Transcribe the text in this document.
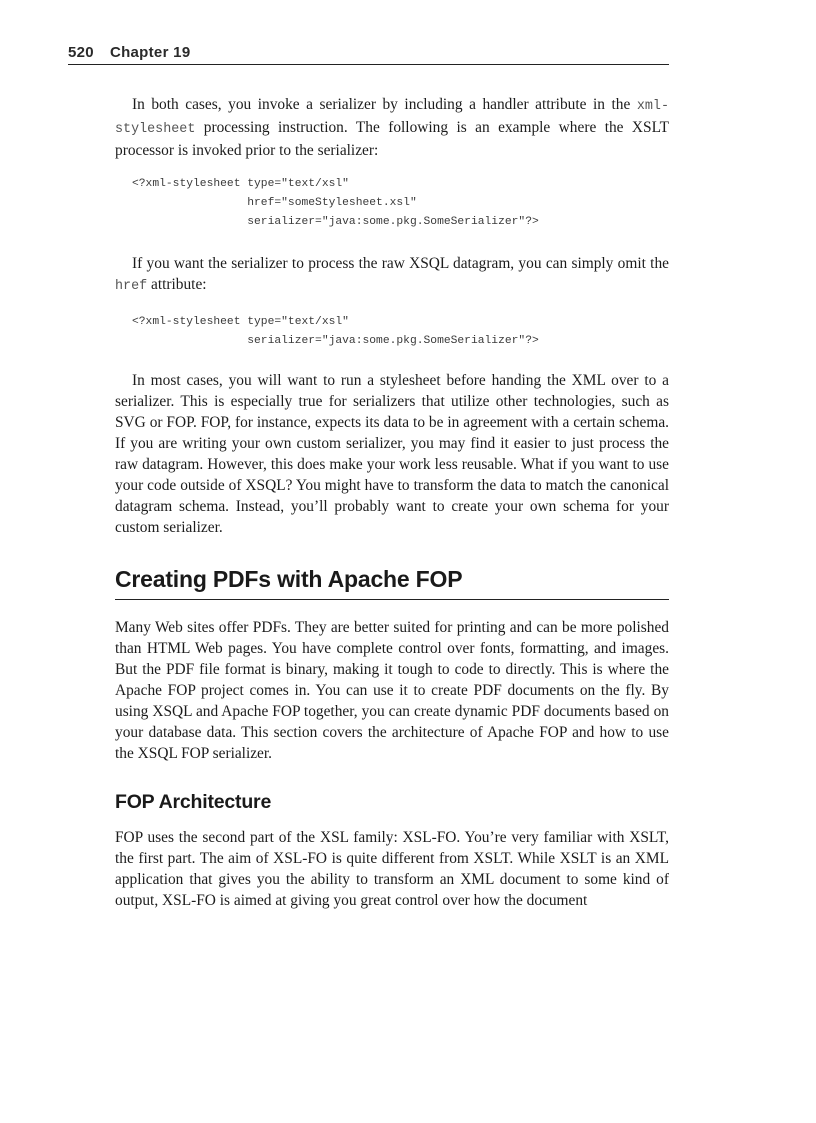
520 Chapter 19

In both cases, you invoke a serializer by including a handler attribute in the xml-stylesheet processing instruction. The following is an example where the XSLT processor is invoked prior to the serializer:

<?xml-stylesheet type="text/xsl"
href="someStylesheet.xsl"
serializer="java:some.pkg.SomeSerializer"?>

If you want the serializer to process the raw XSQL datagram, you can simply omit the href attribute:

<?xml-stylesheet type="text/xsl"
serializer="java:some.pkg.SomeSerializer"?>

In most cases, you will want to run a stylesheet before handing the XML over to a serializer. This is especially true for serializers that utilize other technologies, such as SVG or FOP. FOP, for instance, expects its data to be in agreement with a certain schema. If you are writing your own custom serializer, you may find it easier to just process the raw datagram. However, this does make your work less reusable. What if you want to use your code outside of XSQL? You might have to transform the data to match the canonical datagram schema. Instead, you’ll probably want to create your own schema for your custom serializer.

Creating PDFs with Apache FOP

Many Web sites offer PDFs. They are better suited for printing and can be more polished than HTML Web pages. You have complete control over fonts, formatting, and images. But the PDF file format is binary, making it tough to code to directly. This is where the Apache FOP project comes in. You can use it to create PDF documents on the fly. By using XSQL and Apache FOP together, you can create dynamic PDF documents based on your database data. This section covers the architecture of Apache FOP and how to use the XSQL FOP serializer.

FOP Architecture

FOP uses the second part of the XSL family: XSL-FO. You’re very familiar with XSLT, the first part. The aim of XSL-FO is quite different from XSLT. While XSLT is an XML application that gives you the ability to transform an XML document to some kind of output, XSL-FO is aimed at giving you great control over how the document
